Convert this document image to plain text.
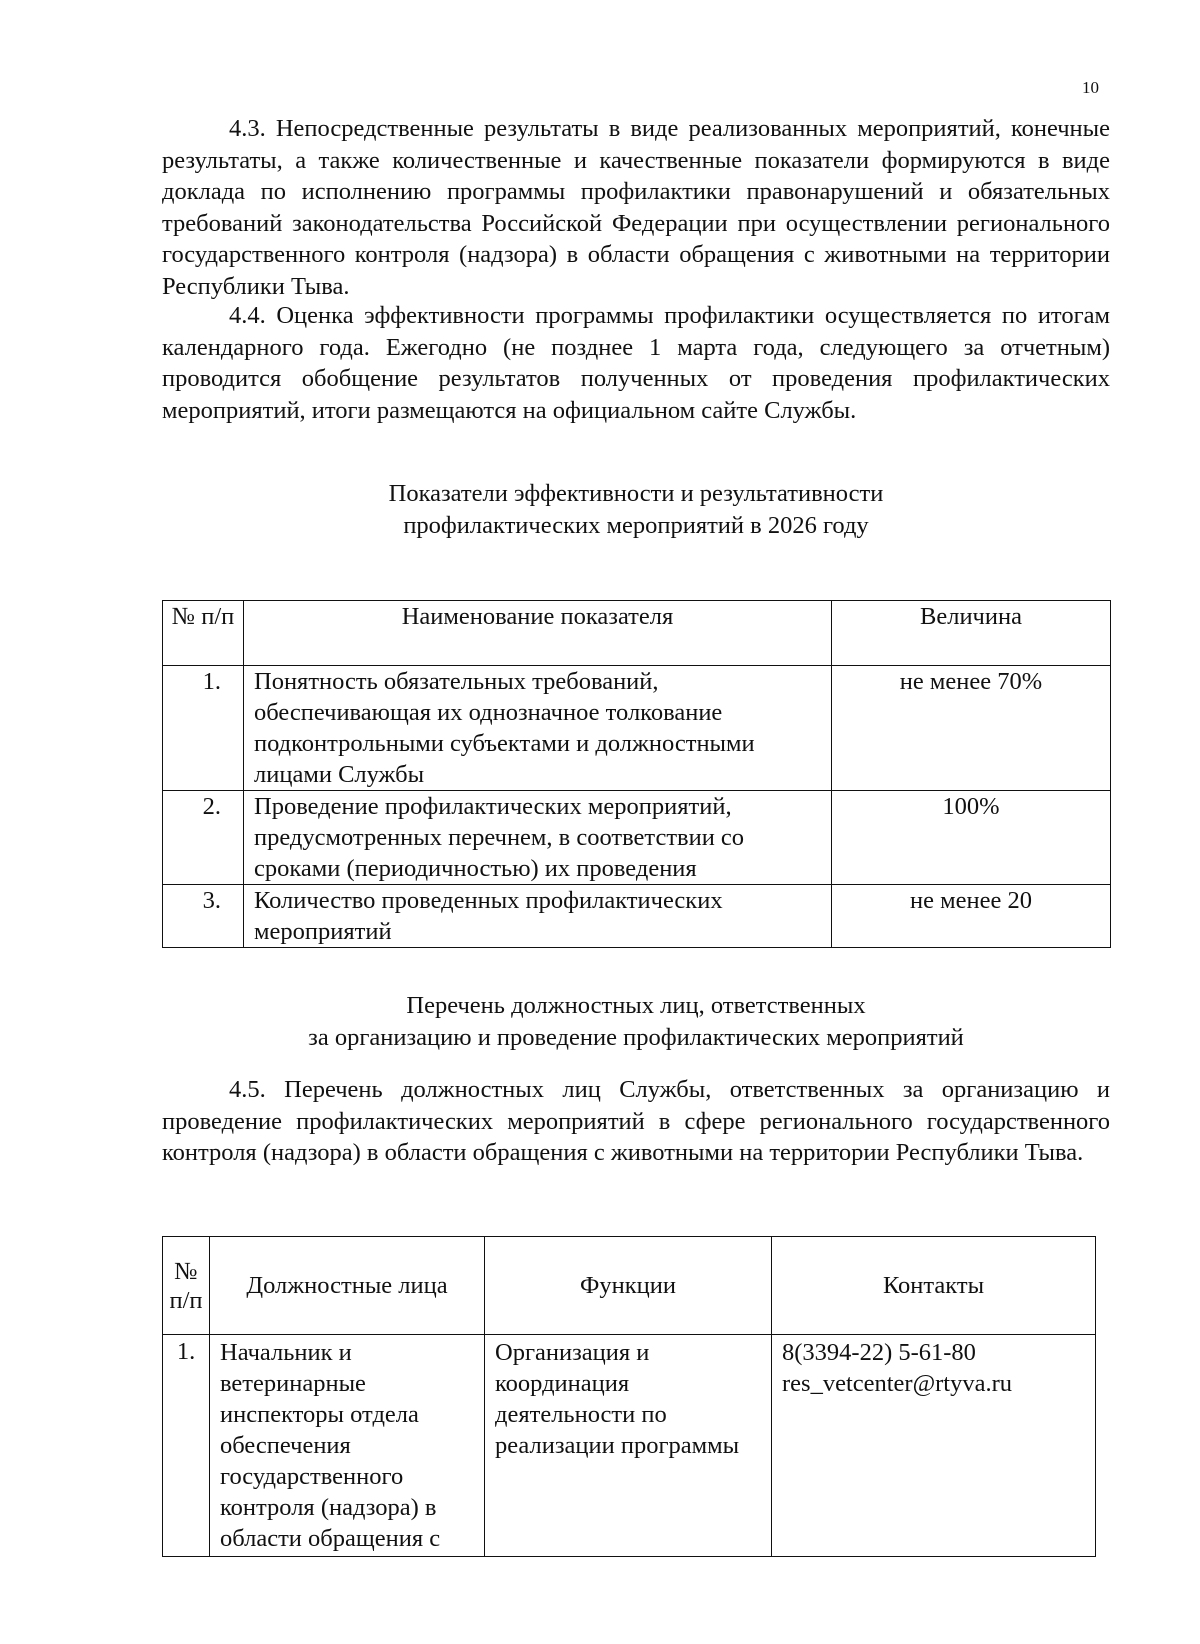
10

4.3. Непосредственные результаты в виде реализованных мероприятий, конечные результаты, а также количественные и качественные показатели формируются в виде доклада по исполнению программы профилактики правонарушений и обязательных требований законодательства Российской Федерации при осуществлении регионального государственного контроля (надзора) в области обращения с животными на территории Республики Тыва.

4.4. Оценка эффективности программы профилактики осуществляется по итогам календарного года. Ежегодно (не позднее 1 марта года, следующего за отчетным) проводится обобщение результатов полученных от проведения профилактических мероприятий, итоги размещаются на официальном сайте Службы.

Показатели эффективности и результативности
профилактических мероприятий в 2026 году
№ п/п	Наименование показателя	Величина
1.	Понятность обязательных требований, обеспечивающая их однозначное толкование подконтрольными субъектами и должностными лицами Службы	не менее 70%
2.	Проведение профилактических мероприятий, предусмотренных перечнем, в соответствии со сроками (периодичностью) их проведения	100%
3.	Количество проведенных профилактических мероприятий	не менее 20
Перечень должностных лиц, ответственных
за организацию и проведение профилактических мероприятий

4.5. Перечень должностных лиц Службы, ответственных за организацию и проведение профилактических мероприятий в сфере регионального государственного контроля (надзора) в области обращения с животными на территории Республики Тыва.

№ п/п	Должностные лица	Функции	Контакты
1.	Начальник и ветеринарные инспекторы отдела обеспечения государственного контроля (надзора) в области обращения с	Организация и координация деятельности по реализации программы	8(3394-22) 5-61-80
res_vetcenter@rtyva.ru
